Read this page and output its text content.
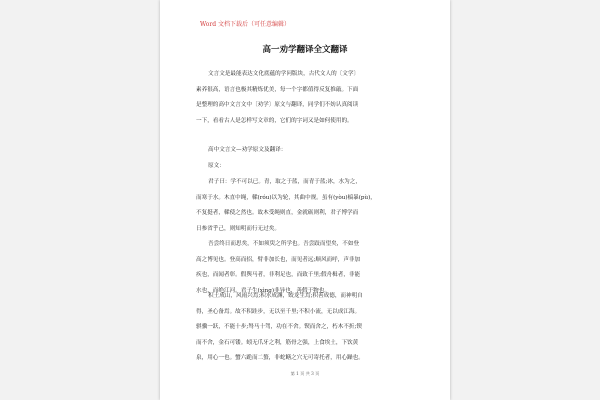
Word 文档下载后（可任意编辑）
高一劝学翻译全文翻译

文言文是最能表达文化底蕴的学问版块，古代文人的〔文学〕
素养很高，语言也极其精炼优美，每一个字都值得反复推敲。下面
是整理的高中文言文中〔劝学〕原文与翻译，同学们不妨认真阅读
一下，看看古人是怎样写文章的，它们的字词又是如何使用的。

高中文言文—劝学原文及翻译：
原文：

君子曰：学不可以已。青，取之于蓝，而青于蓝;冰，水为之，
而寒于水。木直中绳，輮(róu)以为轮，其曲中规。虽有(yòu)槁暴(pù)，
不复挺者，輮使之然也。故木受绳则直，金就砺则利，君子博学而
日参省乎己，则知明而行无过矣。

吾尝终日而思矣，不如须臾之所学也。吾尝跂而望矣，不如登
高之博见也。登高而招，臂非加长也，而见者远;顺风而呼，声非加
疾也，而闻者彰。假舆马者，非利足也，而致千里;假舟楫者，非能
水也，而绝江河。君子生(xìng)非异也，善假于物也。

积土成山，风雨兴焉;积水成渊，蛟龙生焉;积善成德，而神明自
得，圣心备焉。故不积跬步，无以至千里;不积小流，无以成江海。
骐骥一跃，不能十步;驽马十驾，功在不舍。锲而舍之，朽木不折;锲
而不舍，金石可镂。蚓无爪牙之利，筋骨之强，上食埃土，下饮黄
泉，用心一也。蟹六跪而二螯，非蛇鳝之穴无可寄托者，用心躁也。

第 1 页 共 3 页
